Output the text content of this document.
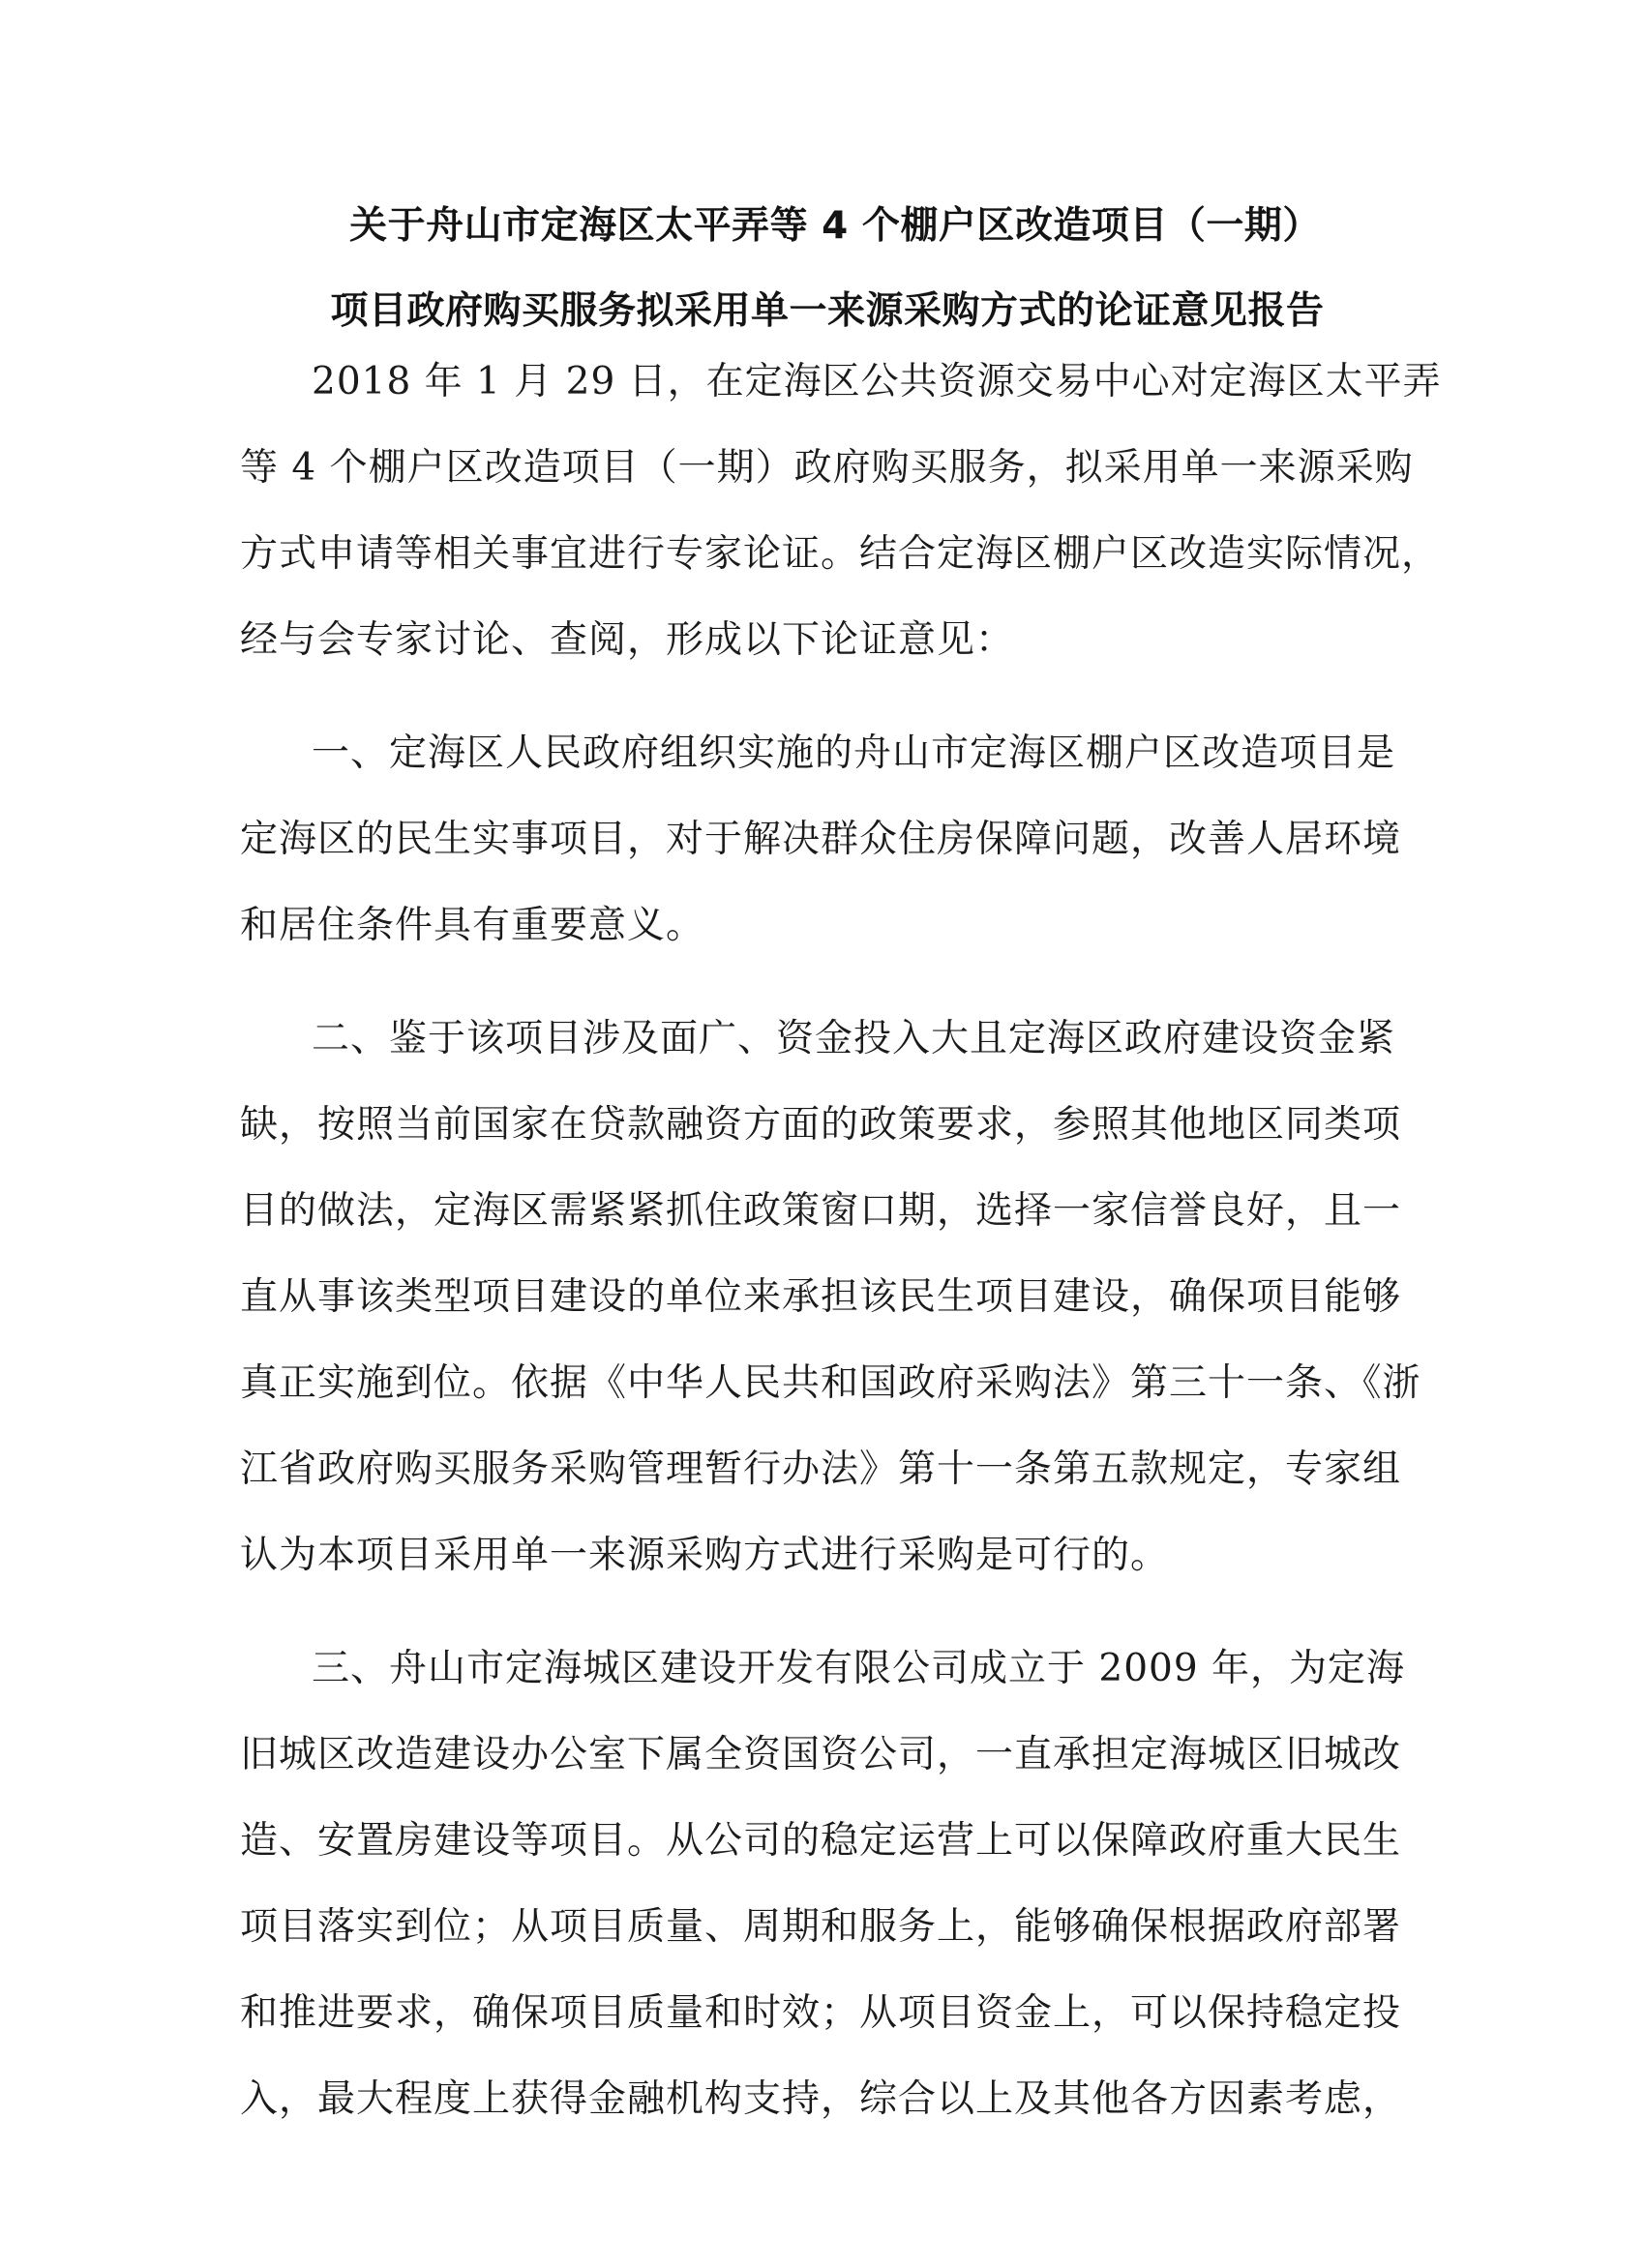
关于舟山市定海区太平弄等 4 个棚户区改造项目（一期）
项目政府购买服务拟采用单一来源采购方式的论证意见报告
2018 年 1 月 29 日，在定海区公共资源交易中心对定海区太平弄
等 4 个棚户区改造项目（一期）政府购买服务，拟采用单一来源采购
方式申请等相关事宜进行专家论证。结合定海区棚户区改造实际情况，
经与会专家讨论、查阅，形成以下论证意见：
一、定海区人民政府组织实施的舟山市定海区棚户区改造项目是
定海区的民生实事项目，对于解决群众住房保障问题，改善人居环境
和居住条件具有重要意义。
二、鉴于该项目涉及面广、资金投入大且定海区政府建设资金紧
缺，按照当前国家在贷款融资方面的政策要求，参照其他地区同类项
目的做法，定海区需紧紧抓住政策窗口期，选择一家信誉良好，且一
直从事该类型项目建设的单位来承担该民生项目建设，确保项目能够
真正实施到位。依据《中华人民共和国政府采购法》第三十一条、《浙
江省政府购买服务采购管理暂行办法》第十一条第五款规定，专家组
认为本项目采用单一来源采购方式进行采购是可行的。
三、舟山市定海城区建设开发有限公司成立于 2009 年，为定海
旧城区改造建设办公室下属全资国资公司，一直承担定海城区旧城改
造、安置房建设等项目。从公司的稳定运营上可以保障政府重大民生
项目落实到位；从项目质量、周期和服务上，能够确保根据政府部署
和推进要求，确保项目质量和时效；从项目资金上，可以保持稳定投
入，最大程度上获得金融机构支持，综合以上及其他各方因素考虑，
